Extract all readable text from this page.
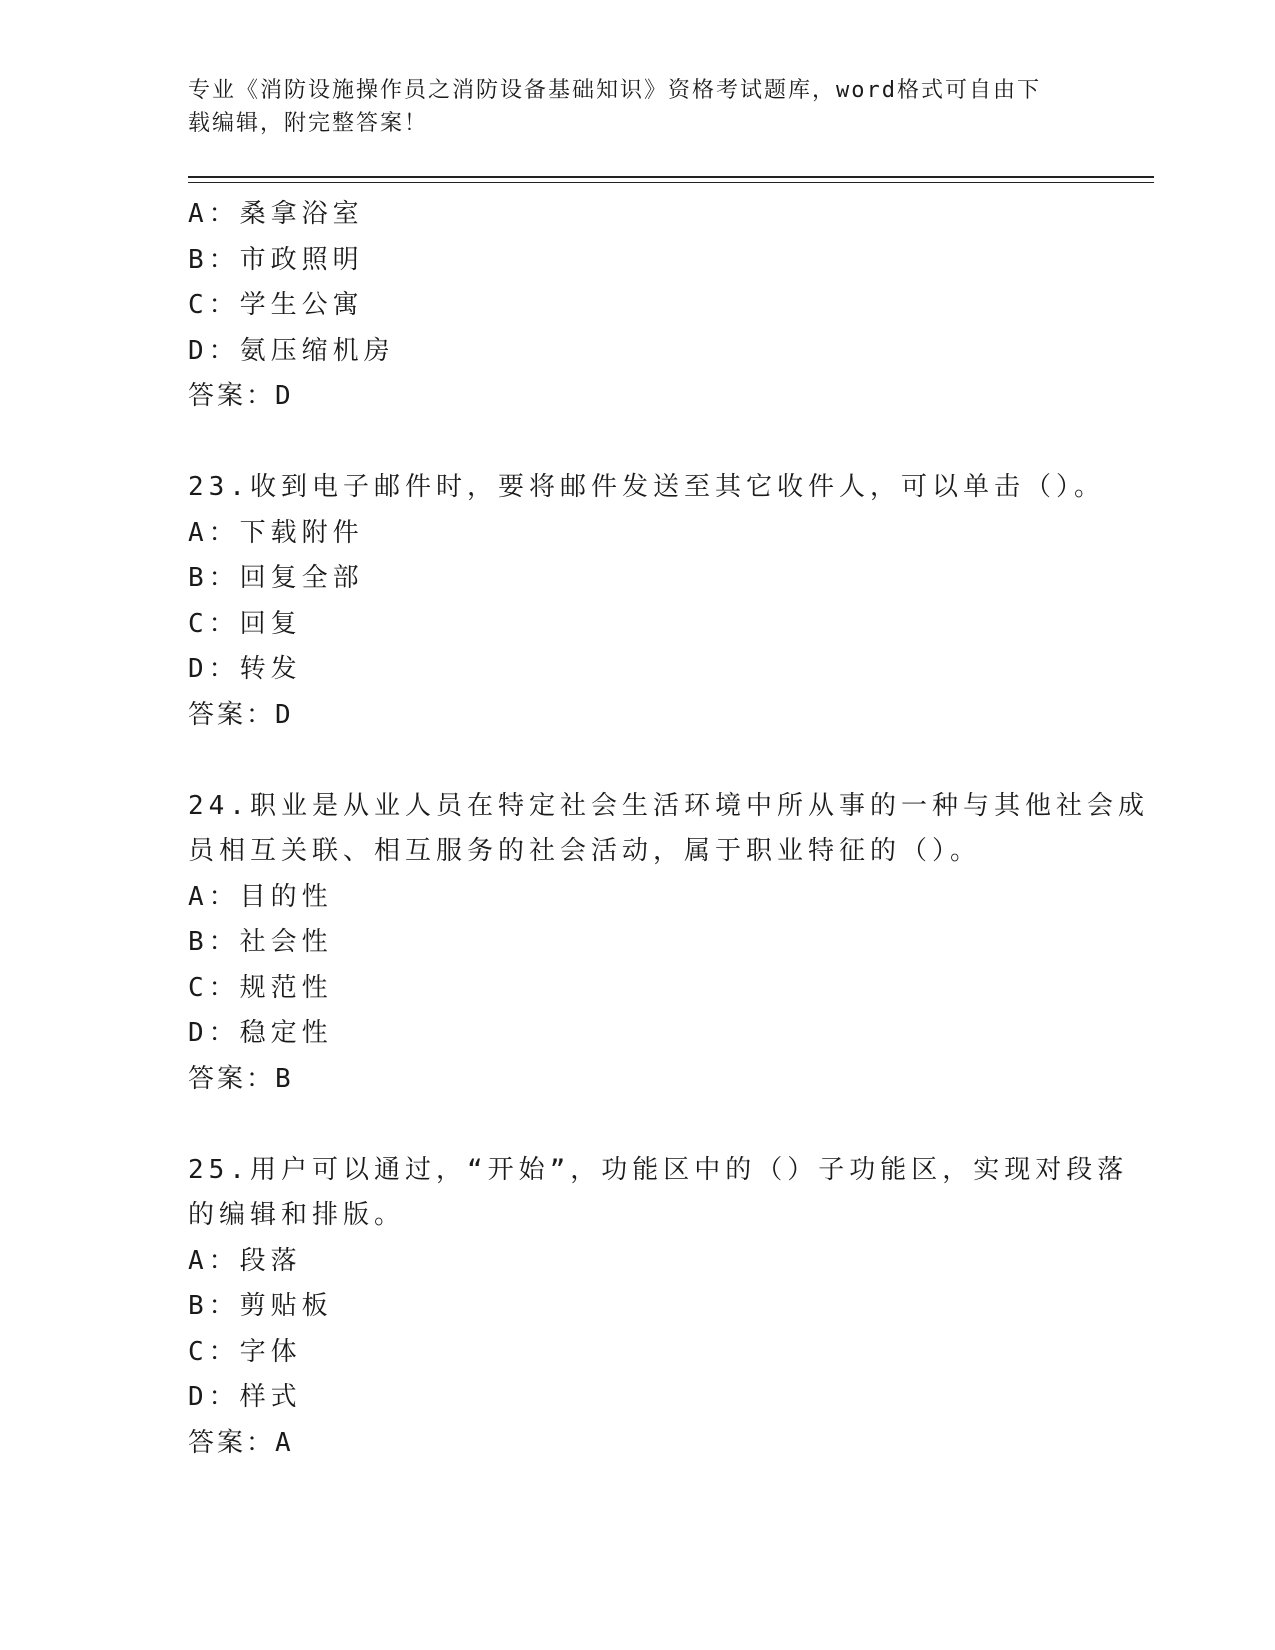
专业《消防设施操作员之消防设备基础知识》资格考试题库，word格式可自由下
载编辑，附完整答案！
A：桑拿浴室
B：市政照明
C：学生公寓
D：氨压缩机房
答案：D
23.收到电子邮件时，要将邮件发送至其它收件人，可以单击（）。
A：下载附件
B：回复全部
C：回复
D：转发
答案：D
24.职业是从业人员在特定社会生活环境中所从事的一种与其他社会成
员相互关联、相互服务的社会活动，属于职业特征的（）。
A：目的性
B：社会性
C：规范性
D：稳定性
答案：B
25.用户可以通过，“开始”，功能区中的（）子功能区，实现对段落
的编辑和排版。
A：段落
B：剪贴板
C：字体
D：样式
答案：A
